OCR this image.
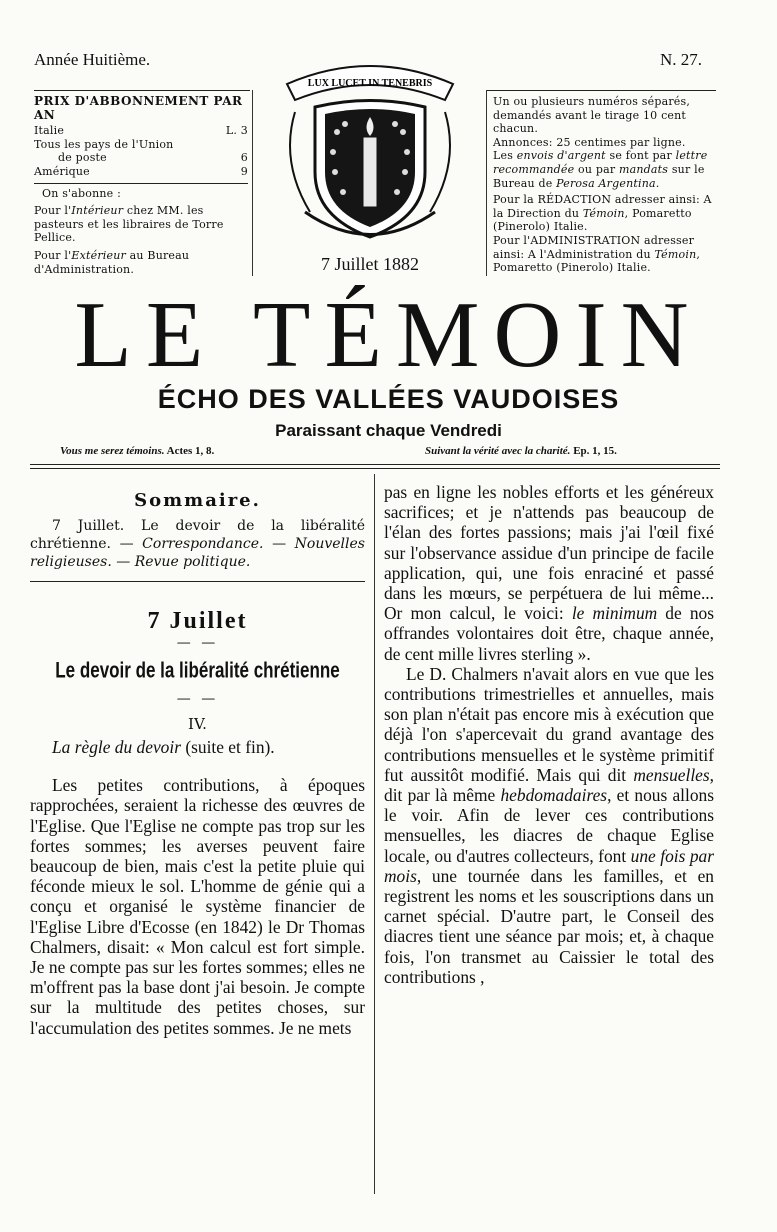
Année Huitième.	N. 27.
PRIX D'ABBONNEMENT PAR AN
Italie	L. 3
Tous les pays de l'Union
de poste	6
Amérique	9

On s'abonne :

Pour l'Intérieur chez MM. les pasteurs et les libraires de Torre Pellice.

Pour l'Extérieur au Bureau d'Administration.

LUX LUCET IN TENEBRIS
7 Juillet 1882

Un ou plusieurs numéros séparés, demandés avant le tirage 10 cent chacun.

Annonces: 25 centimes par ligne.

Les envois d'argent se font par lettre recommandée ou par mandats sur le Bureau de Perosa Argentina.

Pour la RÉDACTION adresser ainsi: A la Direction du Témoin, Pomaretto (Pinerolo) Italie.

Pour l'ADMINISTRATION adresser ainsi: A l'Administration du Témoin, Pomaretto (Pinerolo) Italie.

LE TÉMOIN
ÉCHO DES VALLÉES VAUDOISES
Paraissant chaque Vendredi
Vous me serez témoins. Actes 1, 8.	Suivant la vérité avec la charité. Ep. 1, 15.
Sommaire.
7 Juillet. Le devoir de la libéralité chrétienne. — Correspondance. — Nouvelles religieuses. — Revue politique.
7 Juillet
— —
Le devoir de la libéralité chrétienne
— —
IV.
La règle du devoir (suite et fin).

Les petites contributions, à époques rapprochées, seraient la richesse des œuvres de l'Eglise. Que l'Eglise ne compte pas trop sur les fortes sommes; les averses peuvent faire beaucoup de bien, mais c'est la petite pluie qui féconde mieux le sol. L'homme de génie qui a conçu et organisé le système financier de l'Eglise Libre d'Ecosse (en 1842) le Dr Thomas Chalmers, disait: « Mon calcul est fort simple. Je ne compte pas sur les fortes sommes; elles ne m'offrent pas la base dont j'ai besoin. Je compte sur la multitude des petites choses, sur l'accumulation des petites sommes. Je ne mets

pas en ligne les nobles efforts et les généreux sacrifices; et je n'attends pas beaucoup de l'élan des fortes passions; mais j'ai l'œil fixé sur l'observance assidue d'un principe de facile application, qui, une fois enraciné et passé dans les mœurs, se perpétuera de lui même... Or mon calcul, le voici: le minimum de nos offrandes volontaires doit être, chaque année, de cent mille livres sterling ».

Le D. Chalmers n'avait alors en vue que les contributions trimestrielles et annuelles, mais son plan n'était pas encore mis à exécution que déjà l'on s'apercevait du grand avantage des contributions mensuelles et le système primitif fut aussitôt modifié. Mais qui dit mensuelles, dit par là même hebdomadaires, et nous allons le voir. Afin de lever ces contributions mensuelles, les diacres de chaque Eglise locale, ou d'autres collecteurs, font une fois par mois, une tournée dans les familles, et en registrent les noms et les souscriptions dans un carnet spécial. D'autre part, le Conseil des diacres tient une séance par mois; et, à chaque fois, l'on transmet au Caissier le total des contributions ,
